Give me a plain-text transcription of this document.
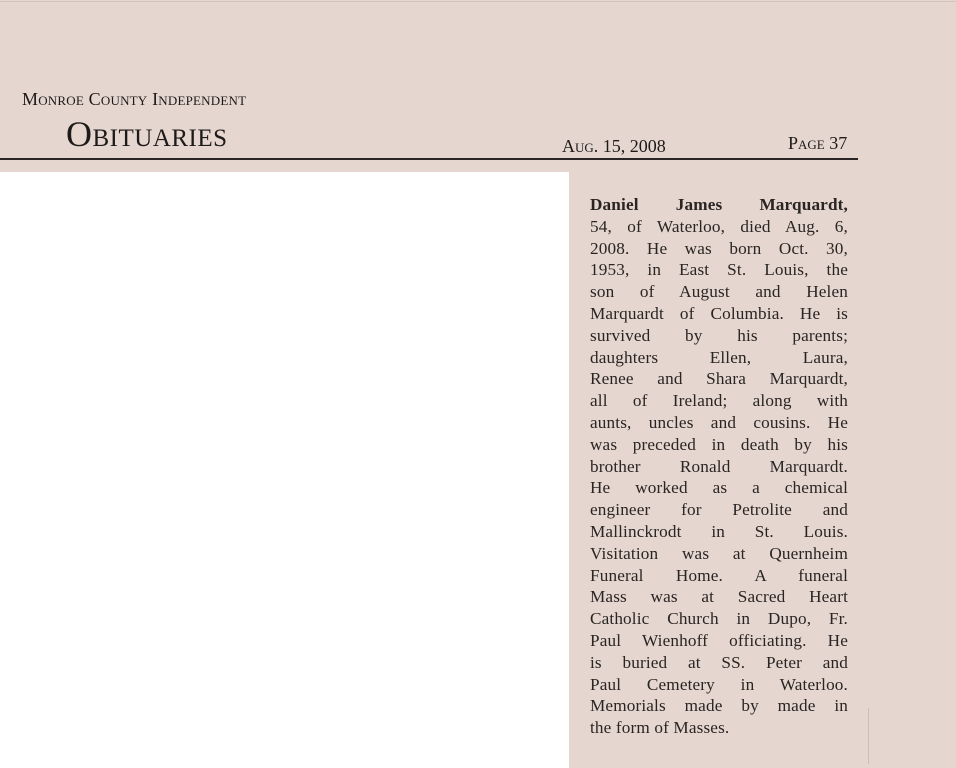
Monroe County Independent
Obituaries	Aug. 15, 2008	Page 37
Daniel James Marquardt,
54, of Waterloo, died Aug. 6,
2008. He was born Oct. 30,
1953, in East St. Louis, the
son of August and Helen
Marquardt of Columbia. He is
survived by his parents;
daughters Ellen, Laura,
Renee and Shara Marquardt,
all of Ireland; along with
aunts, uncles and cousins. He
was preceded in death by his
brother Ronald Marquardt.
He worked as a chemical
engineer for Petrolite and
Mallinckrodt in St. Louis.
Visitation was at Quernheim
Funeral Home. A funeral
Mass was at Sacred Heart
Catholic Church in Dupo, Fr.
Paul Wienhoff officiating. He
is buried at SS. Peter and
Paul Cemetery in Waterloo.
Memorials made by made in
the form of Masses.
